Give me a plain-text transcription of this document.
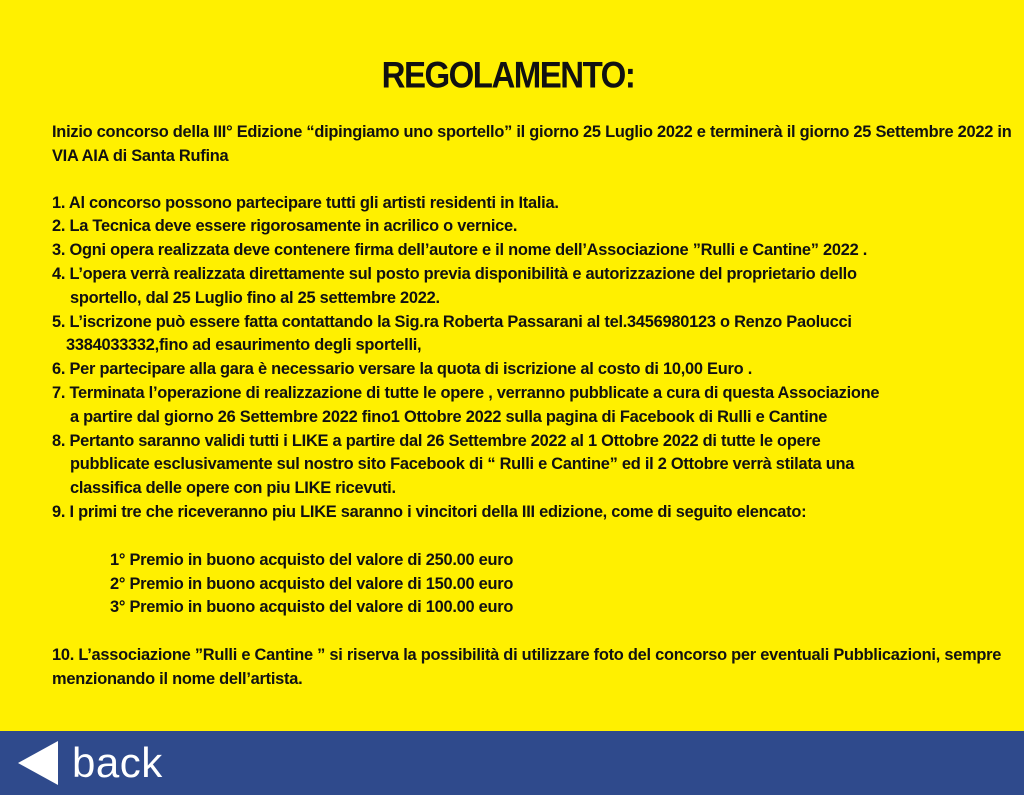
REGOLAMENTO:

Inizio concorso della III° Edizione “dipingiamo uno sportello” il giorno 25 Luglio 2022 e terminerà il giorno 25 Settembre 2022 in VIA AIA di Santa Rufina

1. Al concorso possono partecipare tutti gli artisti residenti in Italia.
2. La Tecnica deve essere rigorosamente in acrilico o vernice.
3. Ogni opera realizzata deve contenere firma dell’autore e il nome dell’Associazione ”Rulli e Cantine” 2022 .
4. L’opera verrà realizzata direttamente sul posto previa disponibilità e autorizzazione del proprietario dello
sportello, dal 25 Luglio fino al 25 settembre 2022.
5. L’iscrizone può essere fatta contattando la Sig.ra Roberta Passarani al tel.3456980123 o Renzo Paolucci
3384033332,fino ad esaurimento degli sportelli,
6. Per partecipare alla gara è necessario versare la quota di iscrizione al costo di 10,00 Euro .
7. Terminata l’operazione di realizzazione di tutte le opere , verranno pubblicate a cura di questa Associazione
a partire dal giorno 26 Settembre 2022 fino1 Ottobre 2022 sulla pagina di Facebook di Rulli e Cantine
8. Pertanto saranno validi tutti i LIKE a partire dal 26 Settembre 2022 al 1 Ottobre 2022 di tutte le opere
pubblicate esclusivamente sul nostro sito Facebook di “ Rulli e Cantine” ed il 2 Ottobre verrà stilata una
classifica delle opere con piu LIKE ricevuti.
9. I primi tre che riceveranno piu LIKE saranno i vincitori della III edizione, come di seguito elencato:
1° Premio in buono acquisto del valore di 250.00 euro
2° Premio in buono acquisto del valore di 150.00 euro
3° Premio in buono acquisto del valore di 100.00 euro

10. L’associazione ”Rulli e Cantine ” si riserva la possibilità di utilizzare foto del concorso per eventuali Pubblicazioni, sempre menzionando il nome dell’artista.

back
